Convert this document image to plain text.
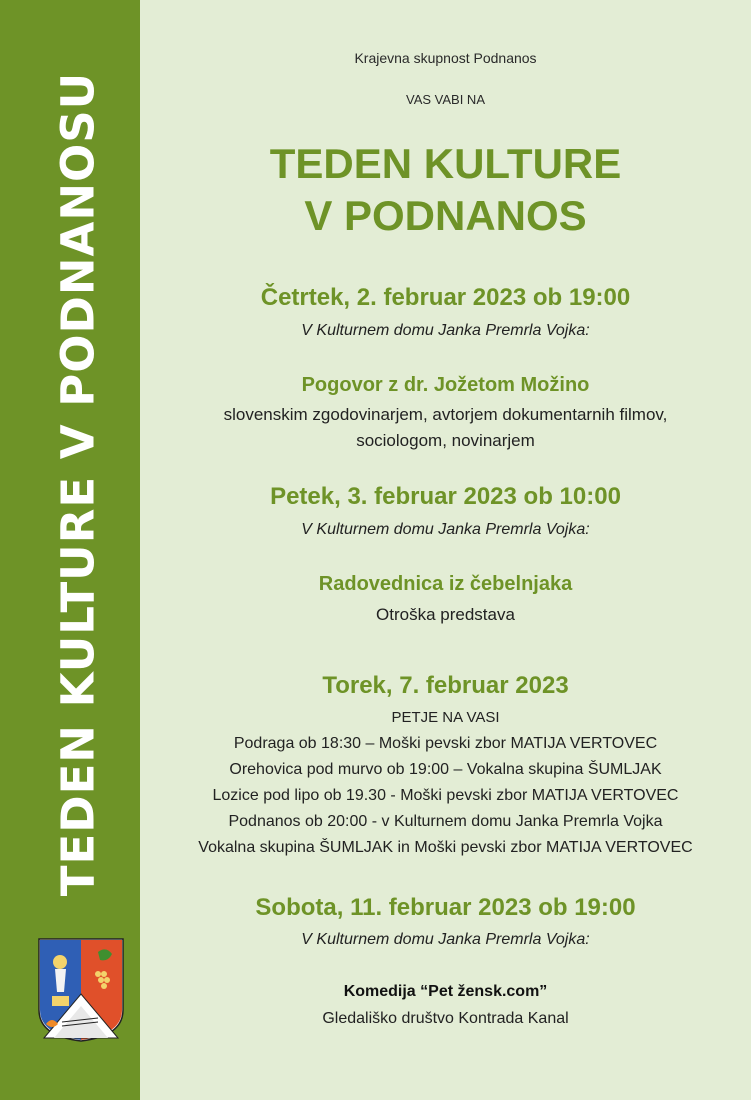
TEDEN KULTURE V PODNANOSU
Krajevna skupnost Podnanos
VAS VABI NA
TEDEN KULTURE
V PODNANOS
Četrtek, 2. februar 2023 ob 19:00
V Kulturnem domu Janka Premrla Vojka:
Pogovor z dr. Jožetom Možino
slovenskim zgodovinarjem, avtorjem dokumentarnih filmov,
sociologom, novinarjem
Petek, 3. februar 2023 ob 10:00
V Kulturnem domu Janka Premrla Vojka:
Radovednica iz čebelnjaka
Otroška predstava
Torek, 7. februar 2023
PETJE NA VASI
Podraga ob 18:30 – Moški pevski zbor MATIJA VERTOVEC
Orehovica pod murvo ob 19:00 – Vokalna skupina ŠUMLJAK
Lozice pod lipo ob 19.30 - Moški pevski zbor MATIJA VERTOVEC
Podnanos ob 20:00 - v Kulturnem domu Janka Premrla Vojka
Vokalna skupina ŠUMLJAK in Moški pevski zbor MATIJA VERTOVEC
Sobota, 11. februar 2023 ob 19:00
V Kulturnem domu Janka Premrla Vojka:
Komedija “Pet žensk.com”
Gledališko društvo Kontrada Kanal
